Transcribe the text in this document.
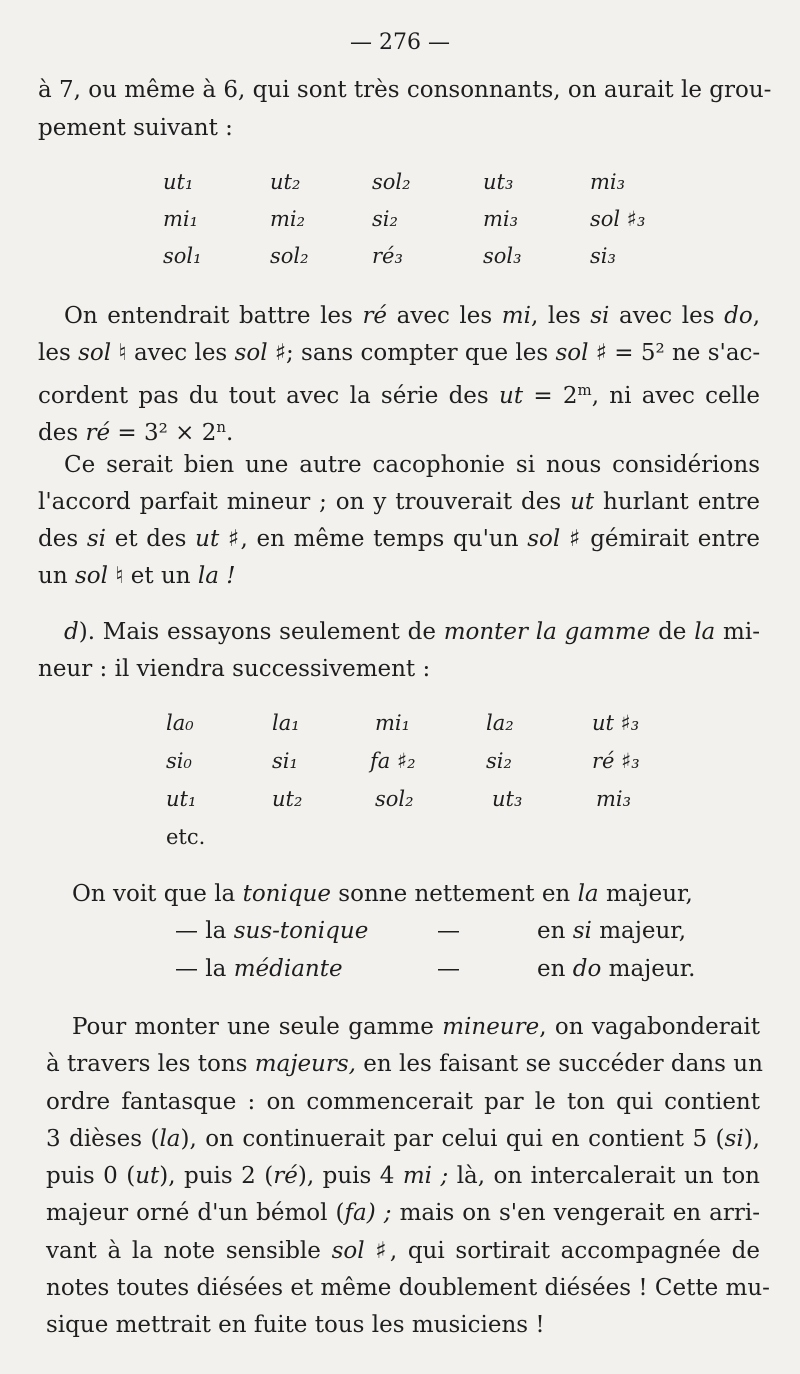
— 276 —
à 7, ou même à 6, qui sont très consonnants, on aurait le grou-
pement suivant :
ut₁	ut₂	sol₂	ut₃	mi₃
mi₁	mi₂	si₂	mi₃	sol ♯₃
sol₁	sol₂	ré₃	sol₃	si₃
On entendrait battre les ré avec les mi, les si avec les do,
les sol ♮ avec les sol ♯; sans compter que les sol ♯ = 5² ne s'ac-
cordent pas du tout avec la série des ut = $2^m$, ni avec celle
des ré = $3^2 \times 2^n$.
Ce serait bien une autre cacophonie si nous considérions
l'accord parfait mineur ; on y trouverait des ut hurlant entre
des si et des ut ♯, en même temps qu'un sol ♯ gémirait entre
un sol ♮ et un la !
d). Mais essayons seulement de monter la gamme de la mi-
neur : il viendra successivement :
la₀	la₁	mi₁	la₂	ut ♯₃
si₀	si₁	fa ♯₂	si₂	ré ♯₃
ut₁	ut₂	sol₂	ut₃	mi₃
etc.
On voit que la tonique sonne nettement en la majeur,
— la sus-tonique	—	en si majeur,
— la médiante	—	en do majeur.
Pour monter une seule gamme mineure, on vagabonderait
à travers les tons majeurs, en les faisant se succéder dans un
ordre fantasque : on commencerait par le ton qui contient
3 dièses (la), on continuerait par celui qui en contient 5 (si),
puis 0 (ut), puis 2 (ré), puis 4 mi ; là, on intercalerait un ton
majeur orné d'un bémol (fa) ; mais on s'en vengerait en arri-
vant à la note sensible sol ♯, qui sortirait accompagnée de
notes toutes diésées et même doublement diésées ! Cette mu-
sique mettrait en fuite tous les musiciens !
